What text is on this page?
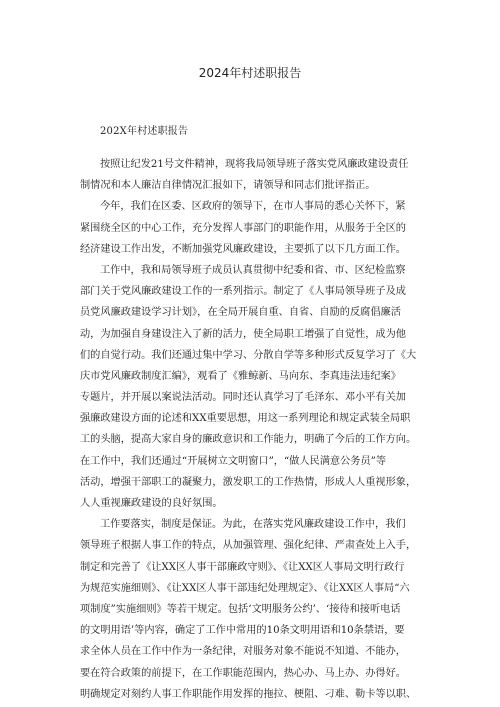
2024年村述职报告
202X年村述职报告
按照让纪发21号文件精神，现将我局领导班子落实党风廉政建设责任
制情况和本人廉洁自律情况汇报如下，请领导和同志们批评指正。
今年，我们在区委、区政府的领导下，在市人事局的悉心关怀下，紧
紧围绕全区的中心工作，充分发挥人事部门的职能作用，从服务于全区的
经济建设工作出发，不断加强党风廉政建设，主要抓了以下几方面工作。
工作中，我和局领导班子成员认真贯彻中纪委和省、市、区纪检监察
部门关于党风廉政建设工作的一系列指示。制定了《人事局领导班子及成
员党风廉政建设学习计划》，在全局开展自重、自省、自励的反腐倡廉活
动，为加强自身建设注入了新的活力，使全局职工增强了自觉性，成为他
们的自觉行动。我们还通过集中学习、分散自学等多种形式反复学习了《大
庆市党风廉政制度汇编》，观看了《雅鲸新、马向东、李真违法违纪案》
专题片，并开展以案说法活动。同时还认真学习了毛泽东、邓小平有关加
强廉政建设方面的论述和XX重要思想，用这一系列理论和规定武装全局职
工的头脑，提高大家自身的廉政意识和工作能力，明确了今后的工作方向。
在工作中，我们还通过“开展树立文明窗口”，“做人民满意公务员”等
活动，增强干部职工的凝聚力，激发职工的工作热情，形成人人重视形象，
人人重视廉政建设的良好氛围。
工作要落实，制度是保证。为此，在落实党风廉政建设工作中，我们
领导班子根据人事工作的特点，从加强管理、强化纪律、严肃查处上入手，
制定和完善了《让XX区人事干部廉政守则》、《让XX区人事局文明行政行
为规范实施细则》、《让XX区人事干部违纪处理规定》、《让XX区人事局“六
项制度”实施细则》等若干规定。包括‘文明服务公约’、‘接待和接听电话
的文明用语’等内容，确定了工作中常用的10条文明用语和10条禁语，要
求全体人员在工作中作为一条纪律，对服务对象不能说不知道、不能办，
要在符合政策的前提下，在工作职能范围内，热心办、马上办、办得好。
明确规定对刻约人事工作职能作用发挥的拖拉、梗阻、刁难、勒卡等以职、
